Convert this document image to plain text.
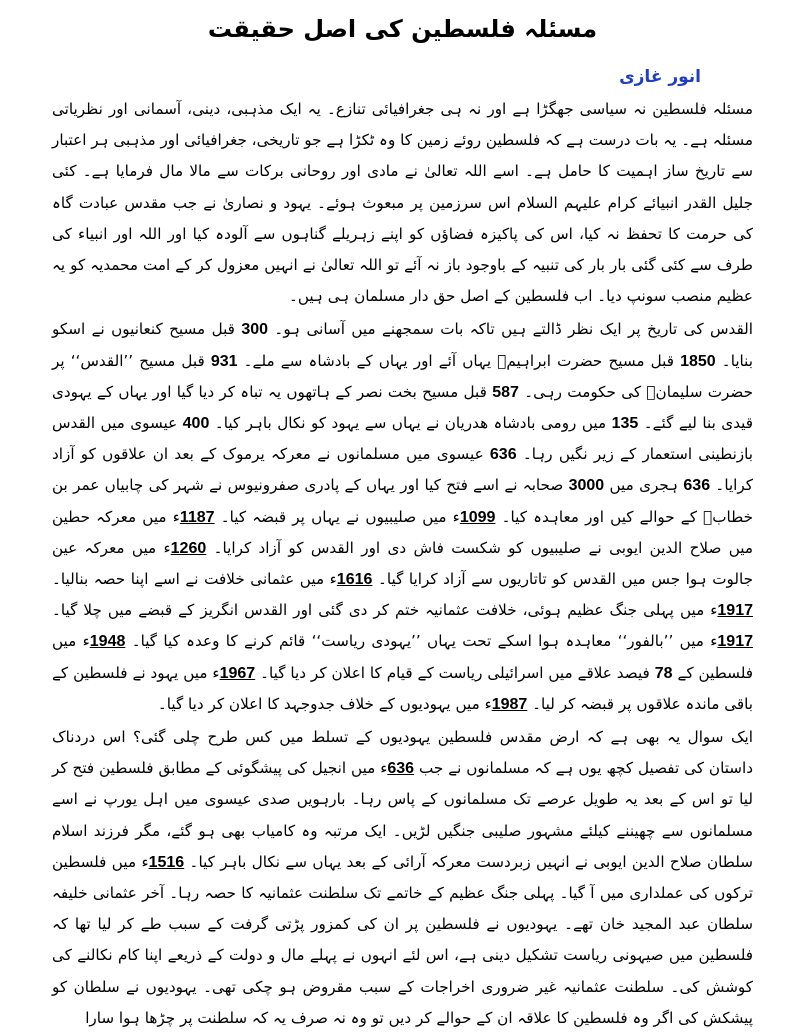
مسئلہ فلسطین کی اصل حقیقت
انور غازی
مسئلہ فلسطین نہ سیاسی جھگڑا ہے اور نہ ہی جغرافیائی تنازع۔ یہ ایک مذہبی، دینی، آسمانی اور نظریاتی مسئلہ ہے۔ یہ بات درست ہے کہ فلسطین روئے زمین کا وہ ٹکڑا ہے جو تاریخی، جغرافیائی اور مذہبی ہر اعتبار سے تاریخ ساز اہمیت کا حامل ہے۔ اسے اللہ تعالیٰ نے مادی اور روحانی برکات سے مالا مال فرمایا ہے۔ کئی جلیل القدر انبیائے کرام علیہم السلام اس سرزمین پر مبعوث ہوئے۔ یہود و نصاریٰ نے جب مقدس عبادت گاہ کی حرمت کا تحفظ نہ کیا، اس کی پاکیزہ فضاؤں کو اپنے زہریلے گناہوں سے آلودہ کیا اور اللہ اور انبیاء کی طرف سے کئی گئی بار بار کی تنبیہ کے باوجود باز نہ آئے تو اللہ تعالیٰ نے انہیں معزول کر کے امت محمدیہ کو یہ عظیم منصب سونپ دیا۔ اب فلسطین کے اصل حق دار مسلمان ہی ہیں۔
القدس کی تاریخ پر ایک نظر ڈالتے ہیں تاکہ بات سمجھنے میں آسانی ہو۔ 300 قبل مسیح کنعانیوں نے اسکو بنایا۔ 1850 قبل مسیح حضرت ابراہیمؑ یہاں آئے اور یہاں کے بادشاہ سے ملے۔ 931 قبل مسیح ’’القدس‘‘ پر حضرت سلیمانؑ کی حکومت رہی۔ 587 قبل مسیح بخت نصر کے ہاتھوں یہ تباہ کر دیا گیا اور یہاں کے یہودی قیدی بنا لیے گئے۔ 135 میں رومی بادشاہ ھدریان نے یہاں سے یہود کو نکال باہر کیا۔ 400 عیسوی میں القدس بازنطینی استعمار کے زیر نگیں رہا۔ 636 عیسوی میں مسلمانوں نے معرکہ یرموک کے بعد ان علاقوں کو آزاد کرایا۔ 636 ہجری میں 3000 صحابہ نے اسے فتح کیا اور یہاں کے پادری صفرونیوس نے شہر کی چابیاں عمر بن خطابؓ کے حوالے کیں اور معاہدہ کیا۔ 1099ء میں صلیبیوں نے یہاں پر قبضہ کیا۔ 1187ء میں معرکہ حطین میں صلاح الدین ایوبی نے صلیبیوں کو شکست فاش دی اور القدس کو آزاد کرایا۔ 1260ء میں معرکہ عین جالوت ہوا جس میں القدس کو تاتاریوں سے آزاد کرایا گیا۔ 1616ء میں عثمانی خلافت نے اسے اپنا حصہ بنالیا۔ 1917ء میں پہلی جنگ عظیم ہوئی، خلافت عثمانیہ ختم کر دی گئی اور القدس انگریز کے قبضے میں چلا گیا۔ 1917ء میں ’’بالفور‘‘ معاہدہ ہوا اسکے تحت یہاں ’’یہودی ریاست‘‘ قائم کرنے کا وعدہ کیا گیا۔ 1948ء میں فلسطین کے 78 فیصد علاقے میں اسرائیلی ریاست کے قیام کا اعلان کر دیا گیا۔ 1967ء میں یہود نے فلسطین کے باقی ماندہ علاقوں پر قبضہ کر لیا۔ 1987ء میں یہودیوں کے خلاف جدوجہد کا اعلان کر دیا گیا۔
ایک سوال یہ بھی ہے کہ ارض مقدس فلسطین یہودیوں کے تسلط میں کس طرح چلی گئی؟ اس دردناک داستان کی تفصیل کچھ یوں ہے کہ مسلمانوں نے جب 636ء میں انجیل کی پیشگوئی کے مطابق فلسطین فتح کر لیا تو اس کے بعد یہ طویل عرصے تک مسلمانوں کے پاس رہا۔ بارہویں صدی عیسوی میں اہل یورپ نے اسے مسلمانوں سے چھیننے کیلئے مشہور صلیبی جنگیں لڑیں۔ ایک مرتبہ وہ کامیاب بھی ہو گئے، مگر فرزند اسلام سلطان صلاح الدین ایوبی نے انہیں زبردست معرکہ آرائی کے بعد یہاں سے نکال باہر کیا۔ 1516ء میں فلسطین ترکوں کی عملداری میں آ گیا۔ پہلی جنگ عظیم کے خاتمے تک سلطنت عثمانیہ کا حصہ رہا۔ آخر عثمانی خلیفہ سلطان عبد المجید خان تھے۔ یہودیوں نے فلسطین پر ان کی کمزور پڑتی گرفت کے سبب طے کر لیا تھا کہ فلسطین میں صیہونی ریاست تشکیل دینی ہے، اس لئے انہوں نے پہلے مال و دولت کے ذریعے اپنا کام نکالنے کی کوشش کی۔ سلطنت عثمانیہ غیر ضروری اخراجات کے سبب مقروض ہو چکی تھی۔ یہودیوں نے سلطان کو پیشکش کی اگر وہ فلسطین کا علاقہ ان کے حوالے کر دیں تو وہ نہ صرف یہ کہ سلطنت پر چڑھا ہوا سارا
